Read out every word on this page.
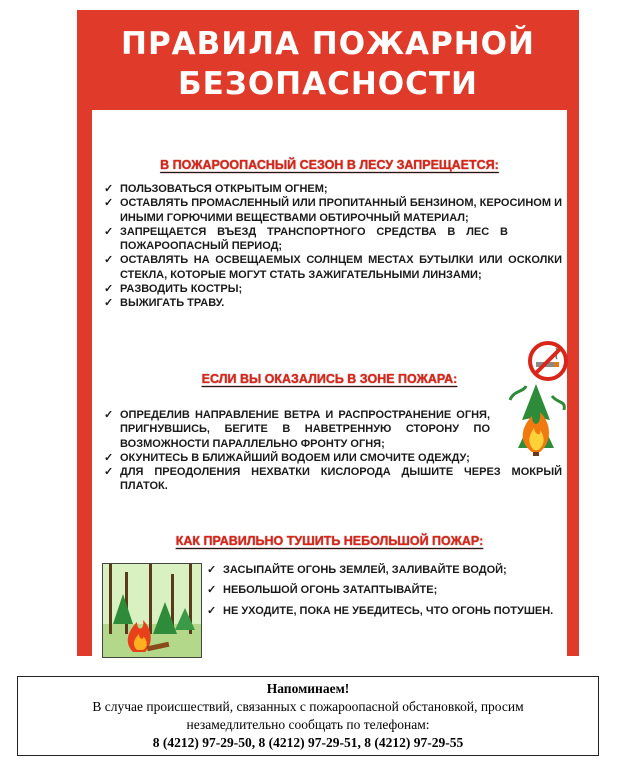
ПРАВИЛА ПОЖАРНОЙ
БЕЗОПАСНОСТИ
В ПОЖАРООПАСНЫЙ СЕЗОН В ЛЕСУ ЗАПРЕЩАЕТСЯ:
✓ ПОЛЬЗОВАТЬСЯ ОТКРЫТЫМ ОГНЕМ;
✓ ОСТАВЛЯТЬ ПРОМАСЛЕННЫЙ ИЛИ ПРОПИТАННЫЙ БЕНЗИНОМ, КЕРОСИНОМ И ИНЫМИ ГОРЮЧИМИ ВЕЩЕСТВАМИ ОБТИРОЧНЫЙ МАТЕРИАЛ;
✓ ЗАПРЕЩАЕТСЯ ВЪЕЗД ТРАНСПОРТНОГО СРЕДСТВА В ЛЕС В ПОЖАРООПАСНЫЙ ПЕРИОД;
✓ ОСТАВЛЯТЬ НА ОСВЕЩАЕМЫХ СОЛНЦЕМ МЕСТАХ БУТЫЛКИ ИЛИ ОСКОЛКИ СТЕКЛА, КОТОРЫЕ МОГУТ СТАТЬ ЗАЖИГАТЕЛЬНЫМИ ЛИНЗАМИ;
✓ РАЗВОДИТЬ КОСТРЫ;
✓ ВЫЖИГАТЬ ТРАВУ.
ЕСЛИ ВЫ ОКАЗАЛИСЬ В ЗОНЕ ПОЖАРА:
✓ ОПРЕДЕЛИВ НАПРАВЛЕНИЕ ВЕТРА И РАСПРОСТРАНЕНИЕ ОГНЯ, ПРИГНУВШИСЬ, БЕГИТЕ В НАВЕТРЕННУЮ СТОРОНУ ПО ВОЗМОЖНОСТИ ПАРАЛЛЕЛЬНО ФРОНТУ ОГНЯ;
✓ ОКУНИТЕСЬ В БЛИЖАЙШИЙ ВОДОЕМ ИЛИ СМОЧИТЕ ОДЕЖДУ;
✓ ДЛЯ ПРЕОДОЛЕНИЯ НЕХВАТКИ КИСЛОРОДА ДЫШИТЕ ЧЕРЕЗ МОКРЫЙ ПЛАТОК.
КАК ПРАВИЛЬНО ТУШИТЬ НЕБОЛЬШОЙ ПОЖАР:
✓ ЗАСЫПАЙТЕ ОГОНЬ ЗЕМЛЕЙ, ЗАЛИВАЙТЕ ВОДОЙ;
✓ НЕБОЛЬШОЙ ОГОНЬ ЗАТАПТЫВАЙТЕ;
✓ НЕ УХОДИТЕ, ПОКА НЕ УБЕДИТЕСЬ, ЧТО ОГОНЬ ПОТУШЕН.
Напоминаем!
В случае происшествий, связанных с пожароопасной обстановкой, просим
незамедлительно сообщать по телефонам:
8 (4212) 97-29-50, 8 (4212) 97-29-51, 8 (4212) 97-29-55
